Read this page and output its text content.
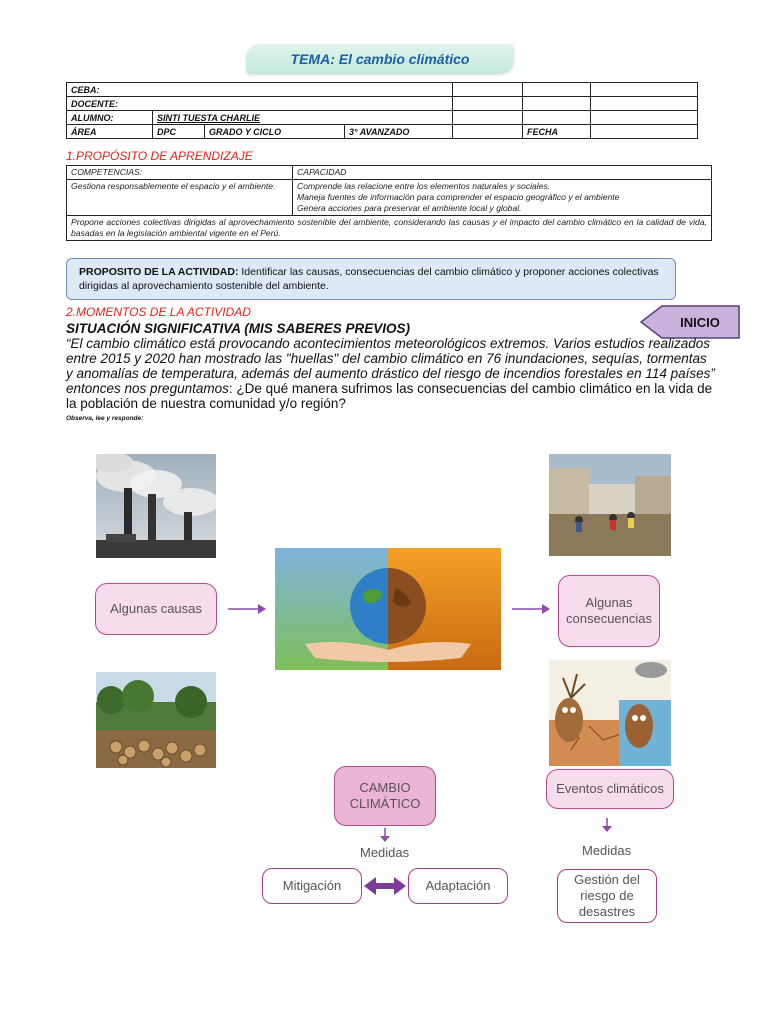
TEMA: El cambio climático
CEBA:						
DOCENTE:						
ALUMNO:	SINTI TUESTA CHARLIE					
ÁREA	DPC	GRADO Y CICLO	3° AVANZADO		FECHA	
1.PROPÓSITO DE APRENDIZAJE
COMPETENCIAS:	CAPACIDAD
Gestiona responsablemente el espacio y el ambiente.	Comprende las relacione entre los elementos naturales y sociales.
Maneja fuentes de información para comprender el espacio geográfico y el ambiente
Genera acciones para preservar el ambiente local y global.

Propone acciones colectivas dirigidas al aprovechamiento sostenible del ambiente, considerando las causas y el impacto del cambio climático en la calidad de vida, basadas en la legislación ambiental vigente en el Perú.	
PROPOSITO DE LA ACTIVIDAD: Identificar las causas, consecuencias del cambio climático y proponer acciones colectivas dirigidas al aprovechamiento sostenible del ambiente.
2.MOMENTOS DE LA ACTIVIDAD
INICIO
SITUACIÓN SIGNIFICATIVA (MIS SABERES PREVIOS)
“El cambio climático está provocando acontecimientos meteorológicos extremos. Varios estudios realizados entre 2015 y 2020 han mostrado las "huellas" del cambio climático en 76 inundaciones, sequías, tormentas y anomalías de temperatura, además del aumento drástico del riesgo de incendios forestales en 114 países” entonces nos preguntamos: ¿De qué manera sufrimos las consecuencias del cambio climático en la vida de la población de nuestra comunidad y/o región?
Observa, lee y responde:
Algunas causas	Algunas
consecuencias
CAMBIO
CLIMÁTICO
Eventos climáticos
Medidas	Medidas
Mitigación	Adaptación	Gestión del
riesgo de
desastres
